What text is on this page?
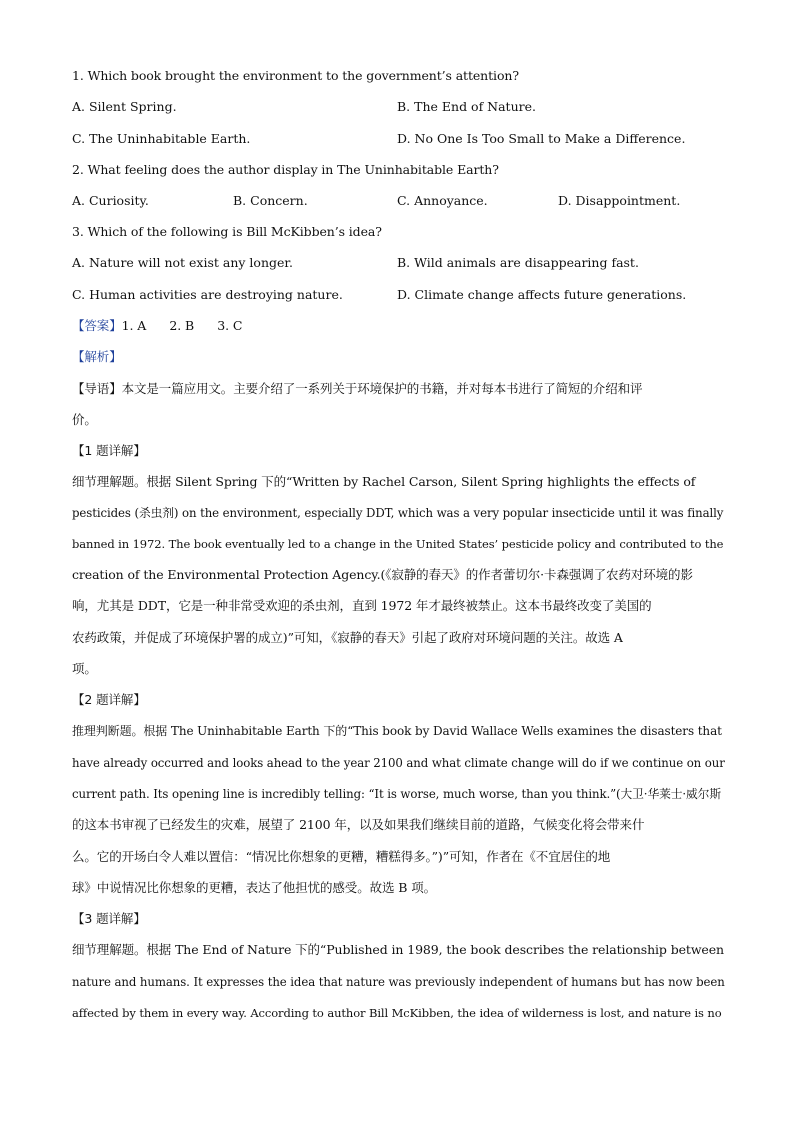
1. Which book brought the environment to the government’s attention?
A. Silent Spring.	B. The End of Nature.
C. The Uninhabitable Earth.	D. No One Is Too Small to Make a Difference.
2. What feeling does the author display in The Uninhabitable Earth?
A. Curiosity.	B. Concern.	C. Annoyance.	D. Disappointment.
3. Which of the following is Bill McKibben’s idea?
A. Nature will not exist any longer.	B. Wild animals are disappearing fast.
C. Human activities are destroying nature.	D. Climate change affects future generations.
【答案】1. A      2. B      3. C
【解析】
【导语】本文是一篇应用文。主要介绍了一系列关于环境保护的书籍，并对每本书进行了简短的介绍和评
价。
【1 题详解】
细节理解题。根据 Silent Spring 下的“Written by Rachel Carson, Silent Spring highlights the effects of
pesticides (杀虫剂) on the environment, especially DDT, which was a very popular insecticide until it was finally
banned in 1972. The book eventually led to a change in the United States’ pesticide policy and contributed to the
creation of the Environmental Protection Agency.(《寂静的春天》的作者蕾切尔·卡森强调了农药对环境的影
响，尤其是 DDT，它是一种非常受欢迎的杀虫剂，直到 1972 年才最终被禁止。这本书最终改变了美国的
农药政策，并促成了环境保护署的成立)”可知，《寂静的春天》引起了政府对环境问题的关注。故选 A
项。
【2 题详解】
推理判断题。根据 The Uninhabitable Earth 下的“This book by David Wallace Wells examines the disasters that
have already occurred and looks ahead to the year 2100 and what climate change will do if we continue on our
current path. Its opening line is incredibly telling: “It is worse, much worse, than you think.”(大卫·华莱士·威尔斯
的这本书审视了已经发生的灾难，展望了 2100 年，以及如果我们继续目前的道路，气候变化将会带来什
么。它的开场白令人难以置信：“情况比你想象的更糟，糟糕得多。”)”可知，作者在《不宜居住的地
球》中说情况比你想象的更糟，表达了他担忧的感受。故选 B 项。
【3 题详解】
细节理解题。根据 The End of Nature 下的“Published in 1989, the book describes the relationship between
nature and humans. It expresses the idea that nature was previously independent of humans but has now been
affected by them in every way. According to author Bill McKibben, the idea of wilderness is lost, and nature is no
